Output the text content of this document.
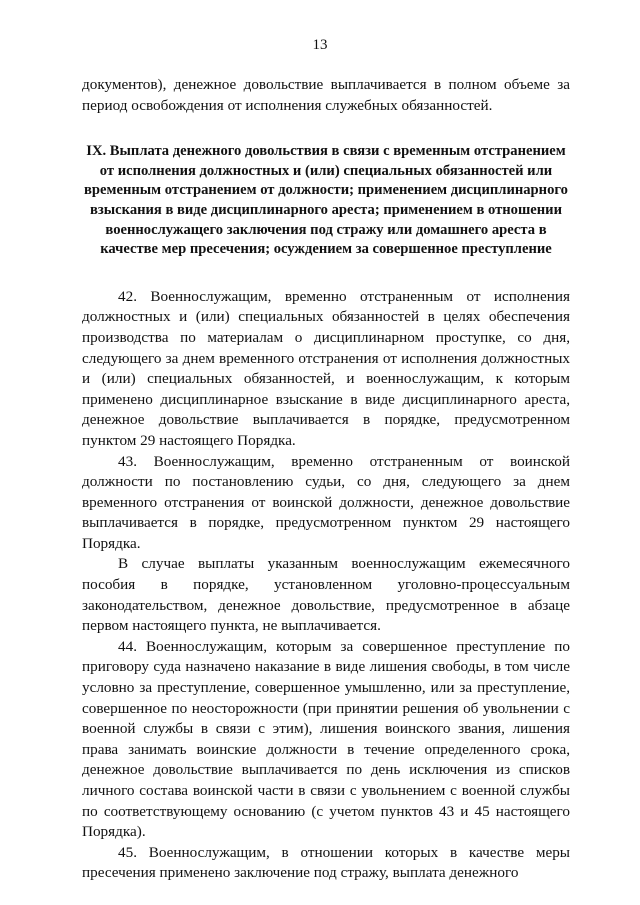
13

документов), денежное довольствие выплачивается в полном объеме за период освобождения от исполнения служебных обязанностей.

IX. Выплата денежного довольствия в связи с временным отстранением от исполнения должностных и (или) специальных обязанностей или временным отстранением от должности; применением дисциплинарного взыскания в виде дисциплинарного ареста; применением в отношении военнослужащего заключения под стражу или домашнего ареста в качестве мер пресечения; осуждением за совершенное преступление

42. Военнослужащим, временно отстраненным от исполнения должностных и (или) специальных обязанностей в целях обеспечения производства по материалам о дисциплинарном проступке, со дня, следующего за днем временного отстранения от исполнения должностных и (или) специальных обязанностей, и военнослужащим, к которым применено дисциплинарное взыскание в виде дисциплинарного ареста, денежное довольствие выплачивается в порядке, предусмотренном пунктом 29 настоящего Порядка.

43. Военнослужащим, временно отстраненным от воинской должности по постановлению судьи, со дня, следующего за днем временного отстранения от воинской должности, денежное довольствие выплачивается в порядке, предусмотренном пунктом 29 настоящего Порядка.

В случае выплаты указанным военнослужащим ежемесячного пособия в порядке, установленном уголовно-процессуальным законодательством, денежное довольствие, предусмотренное в абзаце первом настоящего пункта, не выплачивается.

44. Военнослужащим, которым за совершенное преступление по приговору суда назначено наказание в виде лишения свободы, в том числе условно за преступление, совершенное умышленно, или за преступление, совершенное по неосторожности (при принятии решения об увольнении с военной службы в связи с этим), лишения воинского звания, лишения права занимать воинские должности в течение определенного срока, денежное довольствие выплачивается по день исключения из списков личного состава воинской части в связи с увольнением с военной службы по соответствующему основанию (с учетом пунктов 43 и 45 настоящего Порядка).

45. Военнослужащим, в отношении которых в качестве меры пресечения применено заключение под стражу, выплата денежного
